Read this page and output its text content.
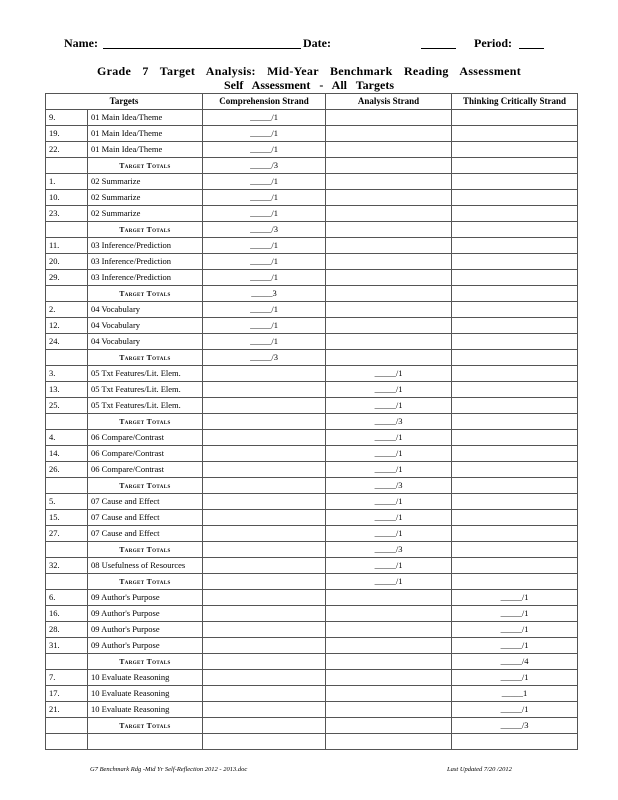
Name:	Date:	Period:
Grade 7 Target Analysis: Mid-Year Benchmark Reading Assessment
Self Assessment - All Targets
Targets		Comprehension Strand	Analysis Strand	Thinking Critically Strand
9.	01 Main Idea/Theme	_____/1		
19.	01 Main Idea/Theme	_____/1		
22.	01 Main Idea/Theme	_____/1		
	Target Totals	_____/3		
1.	02 Summarize	_____/1		
10.	02 Summarize	_____/1		
23.	02 Summarize	_____/1		
	Target Totals	_____/3		
11.	03 Inference/Prediction	_____/1		
20.	03 Inference/Prediction	_____/1		
29.	03 Inference/Prediction	_____/1		
	Target Totals	_____3		
2.	04 Vocabulary	_____/1		
12.	04 Vocabulary	_____/1		
24.	04 Vocabulary	_____/1		
	Target Totals	_____/3		
3.	05 Txt Features/Lit. Elem.		_____/1	
13.	05 Txt Features/Lit. Elem.		_____/1	
25.	05 Txt Features/Lit. Elem.		_____/1	
	Target Totals		_____/3	
4.	06 Compare/Contrast		_____/1	
14.	06 Compare/Contrast		_____/1	
26.	06 Compare/Contrast		_____/1	
	Target Totals		_____/3	
5.	07 Cause and Effect		_____/1	
15.	07 Cause and Effect		_____/1	
27.	07 Cause and Effect		_____/1	
	Target Totals		_____/3	
32.	08 Usefulness of Resources		_____/1	
	Target Totals		_____/1	
6.	09 Author's Purpose			_____/1
16.	09 Author's Purpose			_____/1
28.	09 Author's Purpose			_____/1
31.	09 Author's Purpose			_____/1
	Target Totals			_____/4
7.	10 Evaluate Reasoning			_____/1
17.	10 Evaluate Reasoning			_____1
21.	10 Evaluate Reasoning			_____/1
	Target Totals			_____/3

G7 Benchmark Rdg -Mid Yr Self-Reflection 2012 - 2013.doc	Last Updated 7/20 /2012
